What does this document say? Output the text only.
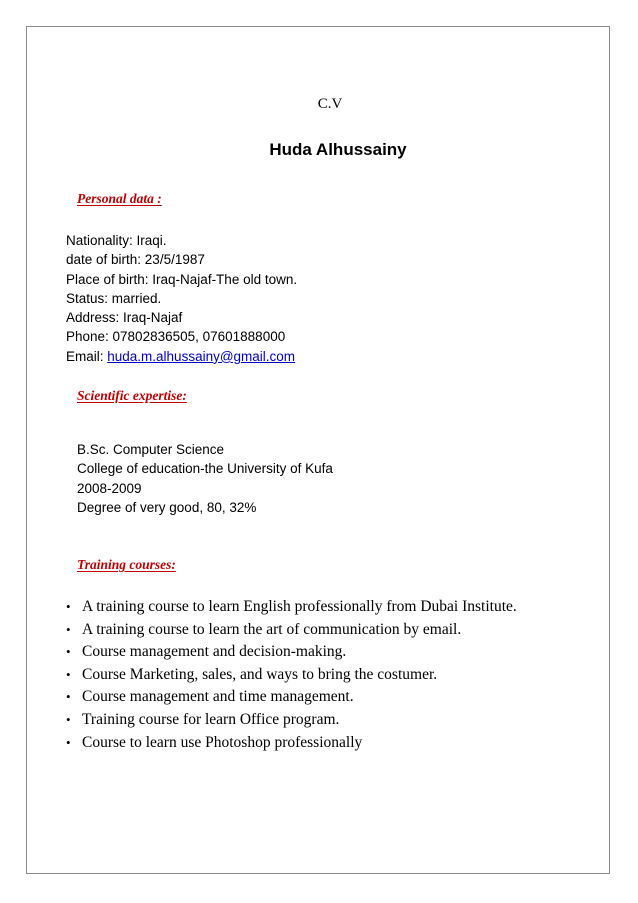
C.V
Huda Alhussainy
Personal data :
Nationality: Iraqi.
date of birth: 23/5/1987
Place of birth: Iraq-Najaf-The old town.
Status: married.
Address: Iraq-Najaf
Phone: 07802836505, 07601888000
Email: huda.m.alhussainy@gmail.com
Scientific expertise:
B.Sc. Computer Science
College of education-the University of Kufa
2008-2009
Degree of very good, 80, 32%
Training courses:
• A training course to learn English professionally from Dubai Institute.
• A training course to learn the art of communication by email.
• Course management and decision-making.
• Course Marketing, sales, and ways to bring the costumer.
• Course management and time management.
• Training course for learn Office program.
• Course to learn use Photoshop professionally
